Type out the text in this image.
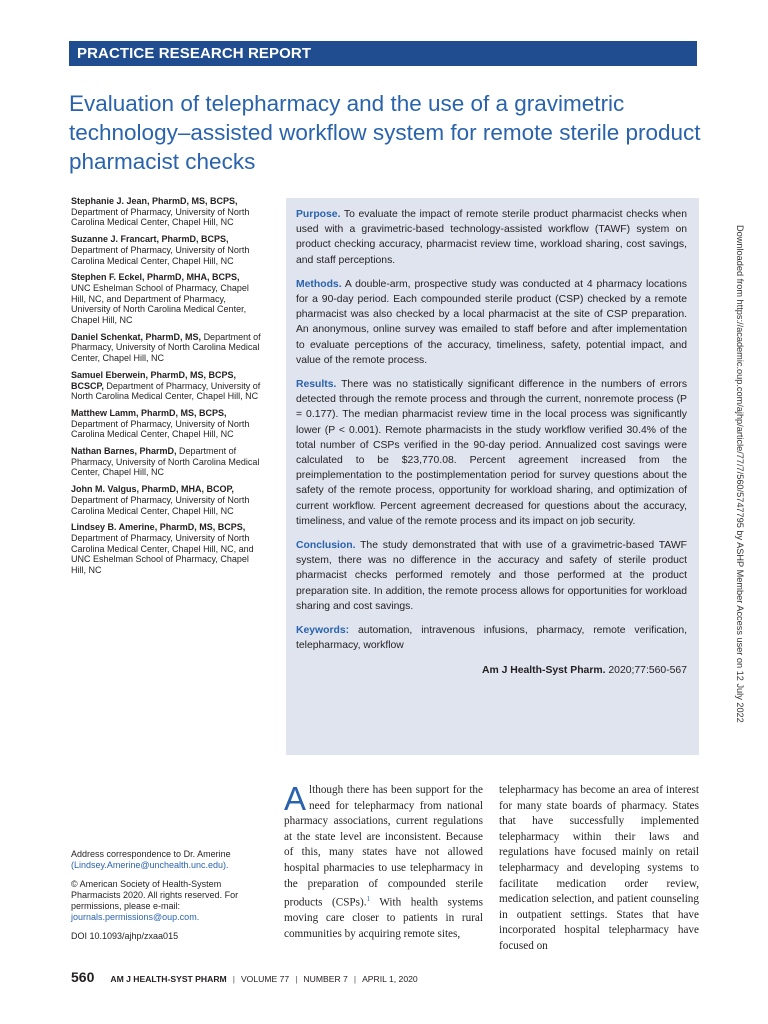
PRACTICE RESEARCH REPORT
Evaluation of telepharmacy and the use of a gravimetric technology–assisted workflow system for remote sterile product pharmacist checks
Stephanie J. Jean, PharmD, MS, BCPS, Department of Pharmacy, University of North Carolina Medical Center, Chapel Hill, NC
Suzanne J. Francart, PharmD, BCPS, Department of Pharmacy, University of North Carolina Medical Center, Chapel Hill, NC
Stephen F. Eckel, PharmD, MHA, BCPS, UNC Eshelman School of Pharmacy, Chapel Hill, NC, and Department of Pharmacy, University of North Carolina Medical Center, Chapel Hill, NC
Daniel Schenkat, PharmD, MS, Department of Pharmacy, University of North Carolina Medical Center, Chapel Hill, NC
Samuel Eberwein, PharmD, MS, BCPS, BCSCP, Department of Pharmacy, University of North Carolina Medical Center, Chapel Hill, NC
Matthew Lamm, PharmD, MS, BCPS, Department of Pharmacy, University of North Carolina Medical Center, Chapel Hill, NC
Nathan Barnes, PharmD, Department of Pharmacy, University of North Carolina Medical Center, Chapel Hill, NC
John M. Valgus, PharmD, MHA, BCOP, Department of Pharmacy, University of North Carolina Medical Center, Chapel Hill, NC
Lindsey B. Amerine, PharmD, MS, BCPS, Department of Pharmacy, University of North Carolina Medical Center, Chapel Hill, NC, and UNC Eshelman School of Pharmacy, Chapel Hill, NC

Purpose. To evaluate the impact of remote sterile product pharmacist checks when used with a gravimetric-based technology-assisted workflow (TAWF) system on product checking accuracy, pharmacist review time, workload sharing, cost savings, and staff perceptions.

Methods. A double-arm, prospective study was conducted at 4 pharmacy locations for a 90-day period. Each compounded sterile product (CSP) checked by a remote pharmacist was also checked by a local pharmacist at the site of CSP preparation. An anonymous, online survey was emailed to staff before and after implementation to evaluate perceptions of the accuracy, timeliness, safety, potential impact, and value of the remote process.

Results. There was no statistically significant difference in the numbers of errors detected through the remote process and through the current, nonremote process (P = 0.177). The median pharmacist review time in the local process was significantly lower (P < 0.001). Remote pharmacists in the study workflow verified 30.4% of the total number of CSPs verified in the 90-day period. Annualized cost savings were calculated to be $23,770.08. Percent agreement increased from the preimplementation to the postimplementation period for survey questions about the safety of the remote process, opportunity for workload sharing, and optimization of current workflow. Percent agreement decreased for questions about the accuracy, timeliness, and value of the remote process and its impact on job security.

Conclusion. The study demonstrated that with use of a gravimetric-based TAWF system, there was no difference in the accuracy and safety of sterile product pharmacist checks performed remotely and those performed at the product preparation site. In addition, the remote process allows for opportunities for workload sharing and cost savings.

Keywords: automation, intravenous infusions, pharmacy, remote verification, telepharmacy, workflow

Am J Health-Syst Pharm. 2020;77:560-567	Downloaded from https://academic.oup.com/ajhp/article/77/7/560/5747795 by ASHP Member Access user on 12 July 2022
Although there has been support for the need for telepharmacy from national pharmacy associations, current regulations at the state level are inconsistent. Because of this, many states have not allowed hospital pharmacies to use telepharmacy in the preparation of compounded sterile products (CSPs).$^1$ With health systems moving care closer to patients in rural communities by acquiring remote sites,
telepharmacy has become an area of interest for many state boards of pharmacy. States that have successfully implemented telepharmacy within their laws and regulations have focused mainly on retail telepharmacy and developing systems to facilitate medication order review, medication selection, and patient counseling in outpatient settings. States that have incorporated hospital telepharmacy have focused on

Address correspondence to Dr. Amerine
(Lindsey.Amerine@unchealth.unc.edu).

© American Society of Health-System Pharmacists 2020. All rights reserved. For permissions, please e-mail: journals.permissions@oup.com.

DOI 10.1093/ajhp/zxaa015

560 AM J HEALTH-SYST PHARM | VOLUME 77 | NUMBER 7 | APRIL 1, 2020
